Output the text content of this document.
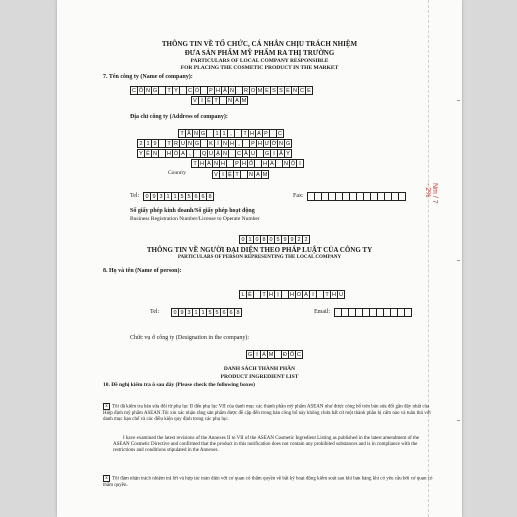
THÔNG TIN VỀ TỔ CHỨC, CÁ NHÂN CHỊU TRÁCH NHIỆM
ĐƯA SẢN PHẨM MỸ PHẨM RA THỊ TRƯỜNG
PARTICULARS OF LOCAL COMPANY RESPONSIBLE
FOR PLACING THE COSMETIC PRODUCT IN THE MARKET
7. Tên công ty (Name of company):
C Ô N G	T Y	C Ổ	P H Ầ N	R O M E S S E N C E
V I Ệ T	N A M
Địa chỉ công ty (Address of company):
T Ầ N G	1 1 ,	T H Á P	C
2 1 9	T R U N G	K Í N H ,	P H Ư Ờ N G
Y Ê N	H Ò A ,	Q U Ậ N	C Ầ U	G I Ấ Y
T H À N H	P H Ố	H À	N Ộ I
Country	V I Ệ T	N A M
Tel:	0 9 3 1 1 5 5 6 6 8	Fax:
Số giấy phép kinh doanh/Số giấy phép hoạt động
Business Registration Number/License to Operate Number
0 1 0 8 0 5 9 9 2 2
THÔNG TIN VỀ NGƯỜI ĐẠI DIỆN THEO PHÁP LUẬT CỦA CÔNG TY
PARTICULARS OF PERSON REPRESENTING THE LOCAL COMPANY
8. Họ và tên (Name of person):
L Ê	T H Ị	H O À I	T H U
Tel:	0 9 3 1 1 5 5 6 6 8	Email:
Chức vụ ở công ty (Designation in the company):
G I Á M	Đ Ố C
DANH SÁCH THÀNH PHẦN
PRODUCT INGREDIENT LIST
10. Đề nghị kiểm tra ô sau đây (Please check the following boxes)
x Tôi đã kiểm tra bản sửa đổi từ phụ lục II đến phụ lục VII của danh mục các thành phần mỹ phẩm ASEAN như được công bố trên bản sửa đổi gần đây nhất của Hiệp định mỹ phẩm ASEAN.Tôi xin xác nhận rằng sản phẩm được đề cập đến trong bản công bố này không chứa bất cứ một thành phần bị cấm nào và tuân thủ với danh mục hạn chế và các điều kiện quy định trong các phụ lục.
I have examined the latest revisions of the Annexes II to VII of the ASEAN Cosmetic Ingredient Listing as published in the latest amendment of the ASEAN Cosmetic Directive and confirmed that the product in this notification does not contain any prohibited substances and is in compliance with the restrictions and conditions stipulated in the Annexes.
x Tôi đảm nhận trách nhiệm trả lời và hợp tác toàn diện với cơ quan có thẩm quyền về bất kỳ hoạt động kiểm soát sau khi bán hàng khi có yêu cầu bởi cơ quan có thẩm quyền.
Nm / 7 - 2%
